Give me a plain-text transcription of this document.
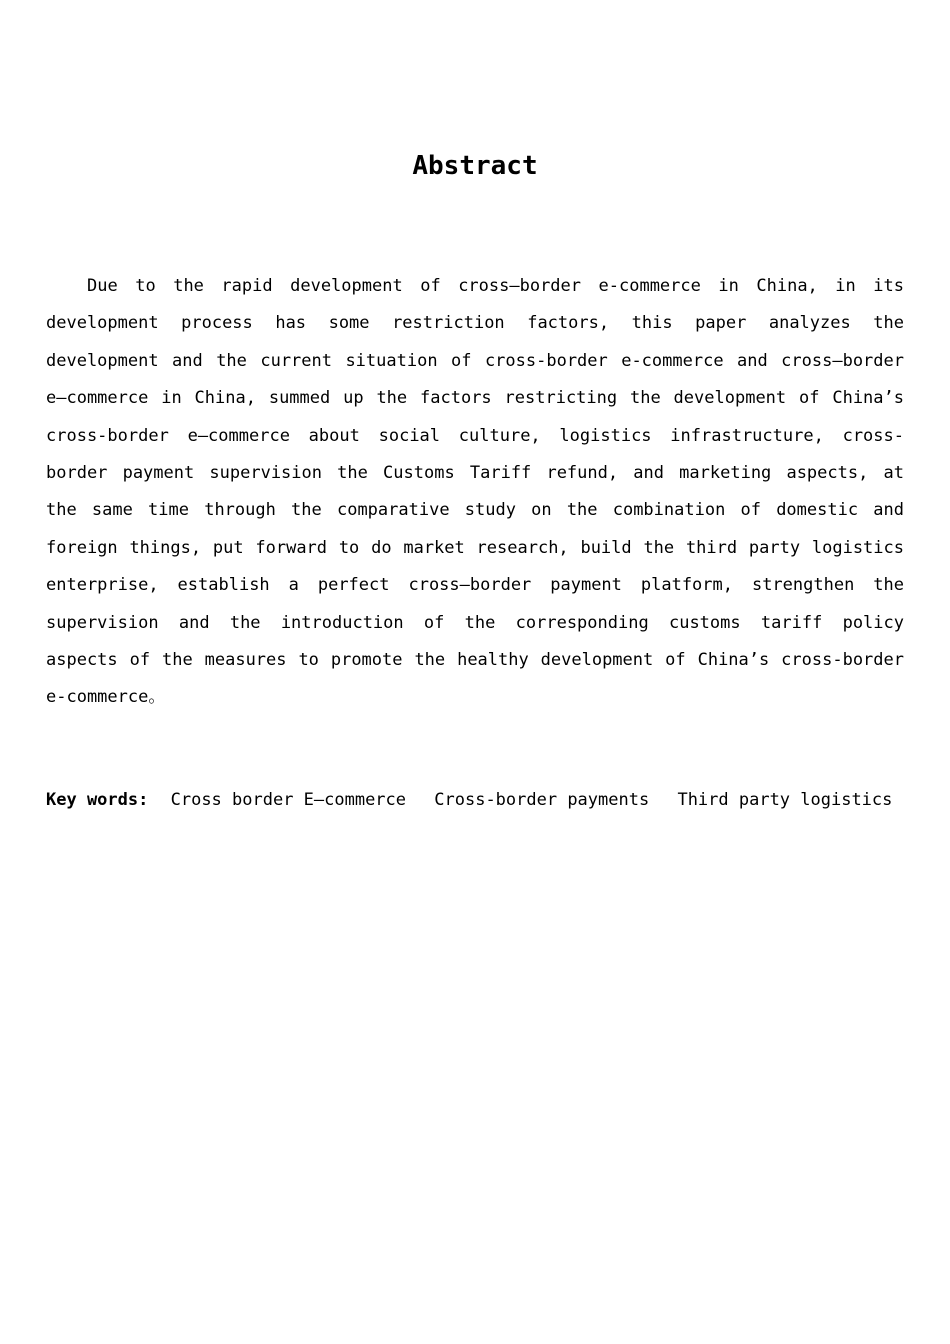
Abstract

Due to the rapid development of cross—border e-commerce in China, in its development process has some restriction factors, this paper analyzes the development and the current situation of cross-border e-commerce and cross—border e—commerce in China, summed up the factors restricting the development of China’s cross-border e—commerce about social culture, logistics infrastructure, cross-border payment supervision the Customs Tariff refund, and marketing aspects, at the same time through the comparative study on the combination of domestic and foreign things, put forward to do market research, build the third party logistics enterprise, establish a perfect cross—border payment platform, strengthen the supervision and the introduction of the corresponding customs tariff policy aspects of the measures to promote the healthy development of China’s cross-border e-commerce。

Key words: Cross border E—commerce Cross-border payments Third party logistics
